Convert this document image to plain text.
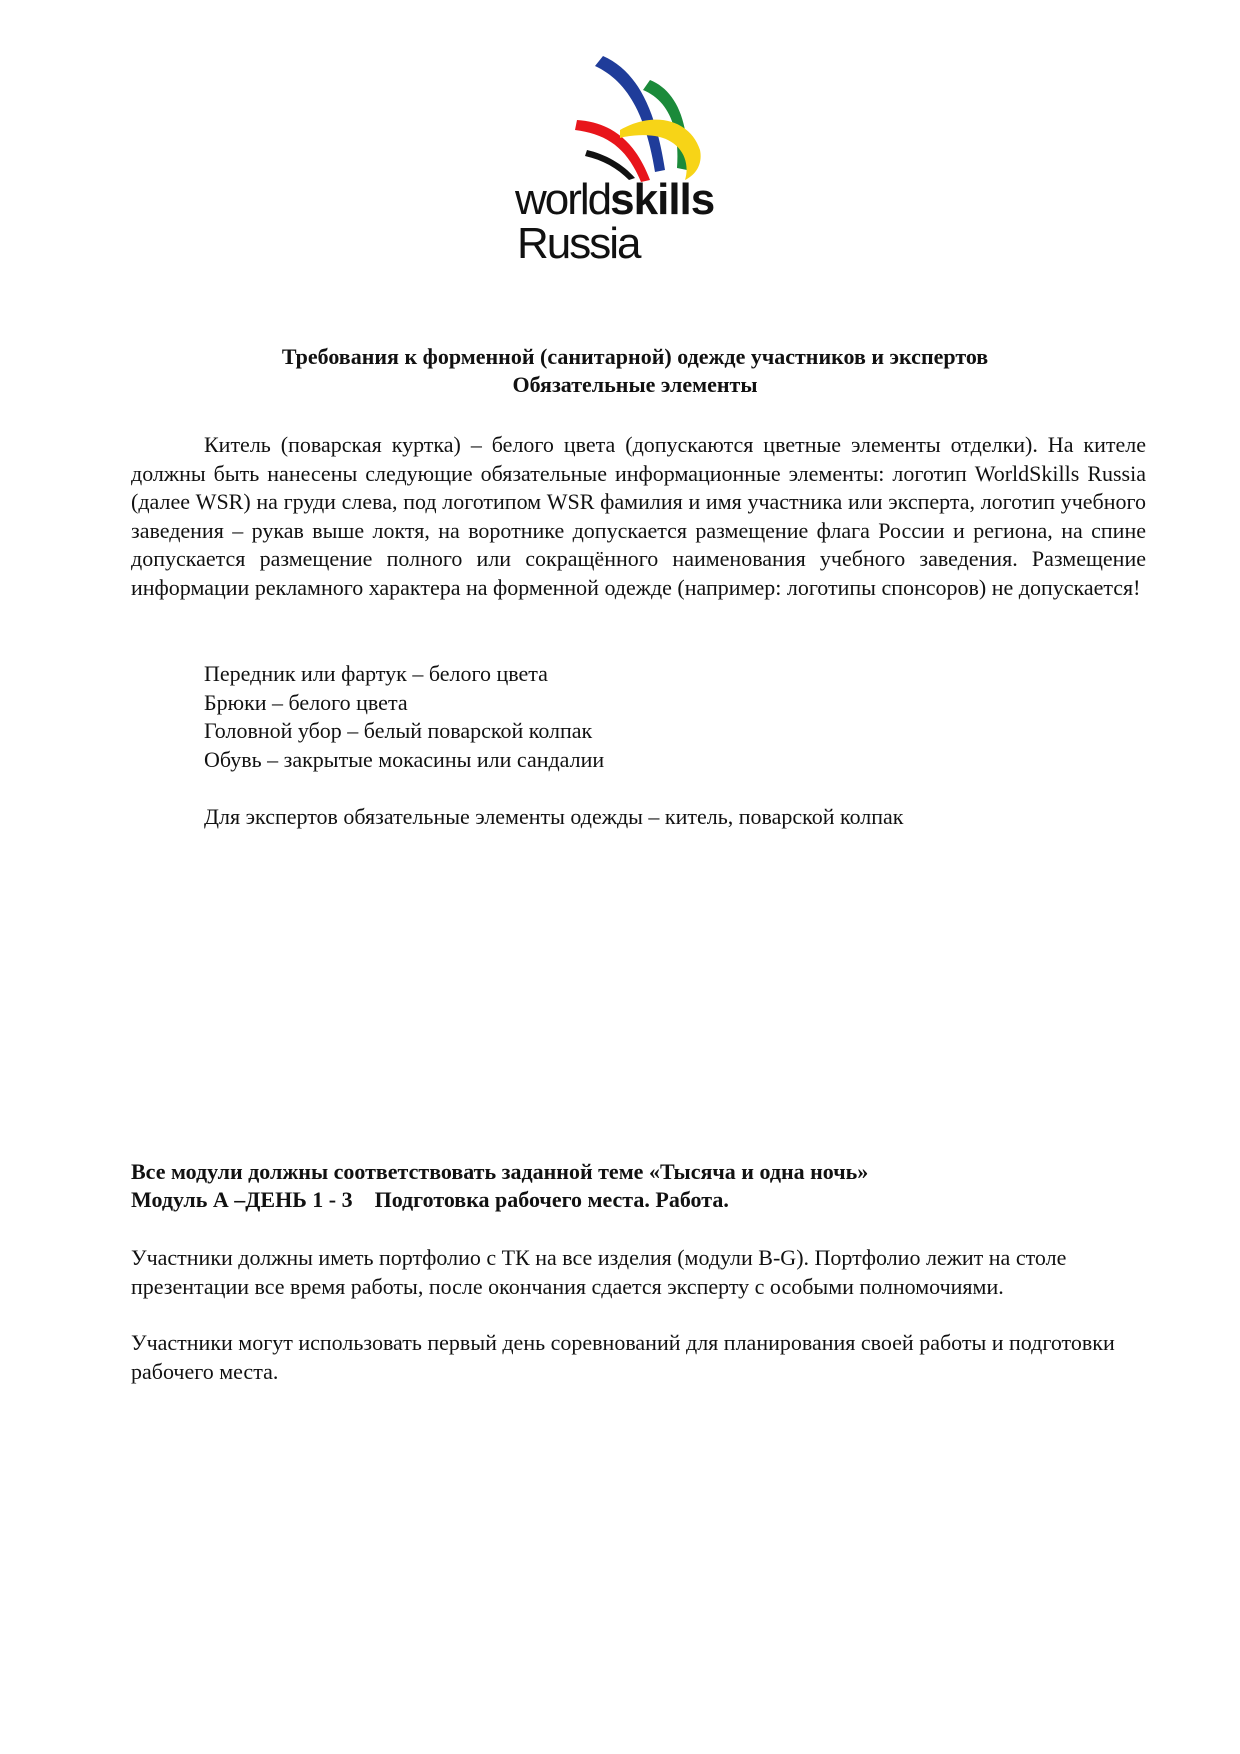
worldskills
Russia
Требования к форменной (санитарной) одежде участников и экспертов
Обязательные элементы
Китель (поварская куртка) – белого цвета (допускаются цветные элементы отделки). На кителе должны быть нанесены следующие обязательные информационные элементы: логотип WorldSkills Russia (далее WSR) на груди слева, под логотипом WSR фамилия и имя участника или эксперта, логотип учебного заведения – рукав выше локтя, на воротнике допускается размещение флага России и региона, на спине допускается размещение полного или сокращённого наименования учебного заведения. Размещение информации рекламного характера на форменной одежде (например: логотипы спонсоров) не допускается!
Передник или фартук – белого цвета
Брюки – белого цвета
Головной убор – белый поварской колпак
Обувь – закрытые мокасины или сандалии
Для экспертов обязательные элементы одежды – китель, поварской колпак
Все модули должны соответствовать заданной теме «Тысяча и одна ночь»
Модуль А –ДЕНЬ 1 - 3    Подготовка рабочего места. Работа.
Участники должны иметь портфолио с ТК на все изделия (модули B-G). Портфолио лежит на столе презентации все время работы, после окончания сдается эксперту с особыми полномочиями.
Участники могут использовать первый день соревнований для планирования своей работы и подготовки рабочего места.
